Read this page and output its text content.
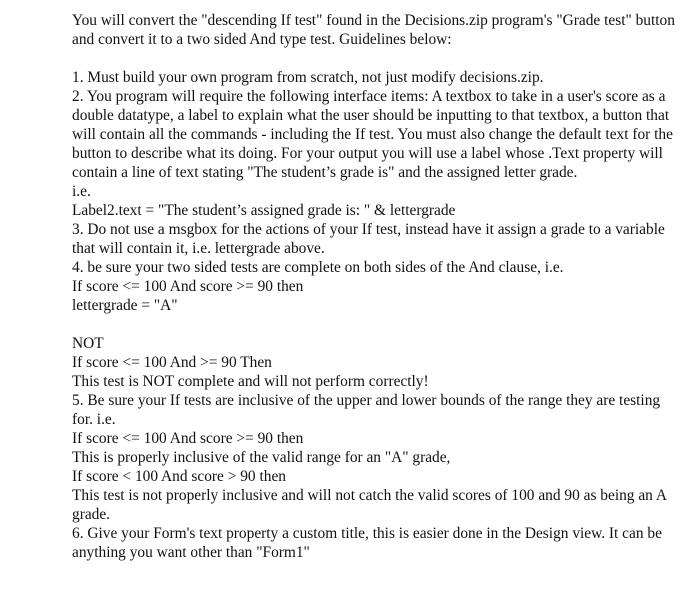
You will convert the "descending If test" found in the Decisions.zip program's "Grade test" button and convert it to a two sided And type test. Guidelines below:

1. Must build your own program from scratch, not just modify decisions.zip.

2. You program will require the following interface items: A textbox to take in a user's score as a double datatype, a label to explain what the user should be inputting to that textbox, a button that will contain all the commands - including the If test. You must also change the default text for the button to describe what its doing. For your output you will use a label whose .Text property will contain a line of text stating "The student’s grade is" and the assigned letter grade.

i.e.

Label2.text = "The student’s assigned grade is: " & lettergrade

3. Do not use a msgbox for the actions of your If test, instead have it assign a grade to a variable that will contain it, i.e. lettergrade above.

4. be sure your two sided tests are complete on both sides of the And clause, i.e.

If score <= 100 And score >= 90 then

lettergrade = "A"

NOT

If score <= 100 And >= 90 Then

This test is NOT complete and will not perform correctly!

5. Be sure your If tests are inclusive of the upper and lower bounds of the range they are testing for. i.e.

If score <= 100 And score >= 90 then

This is properly inclusive of the valid range for an "A" grade,

If score < 100 And score > 90 then

This test is not properly inclusive and will not catch the valid scores of 100 and 90 as being an A grade.

6. Give your Form's text property a custom title, this is easier done in the Design view. It can be anything you want other than "Form1"
